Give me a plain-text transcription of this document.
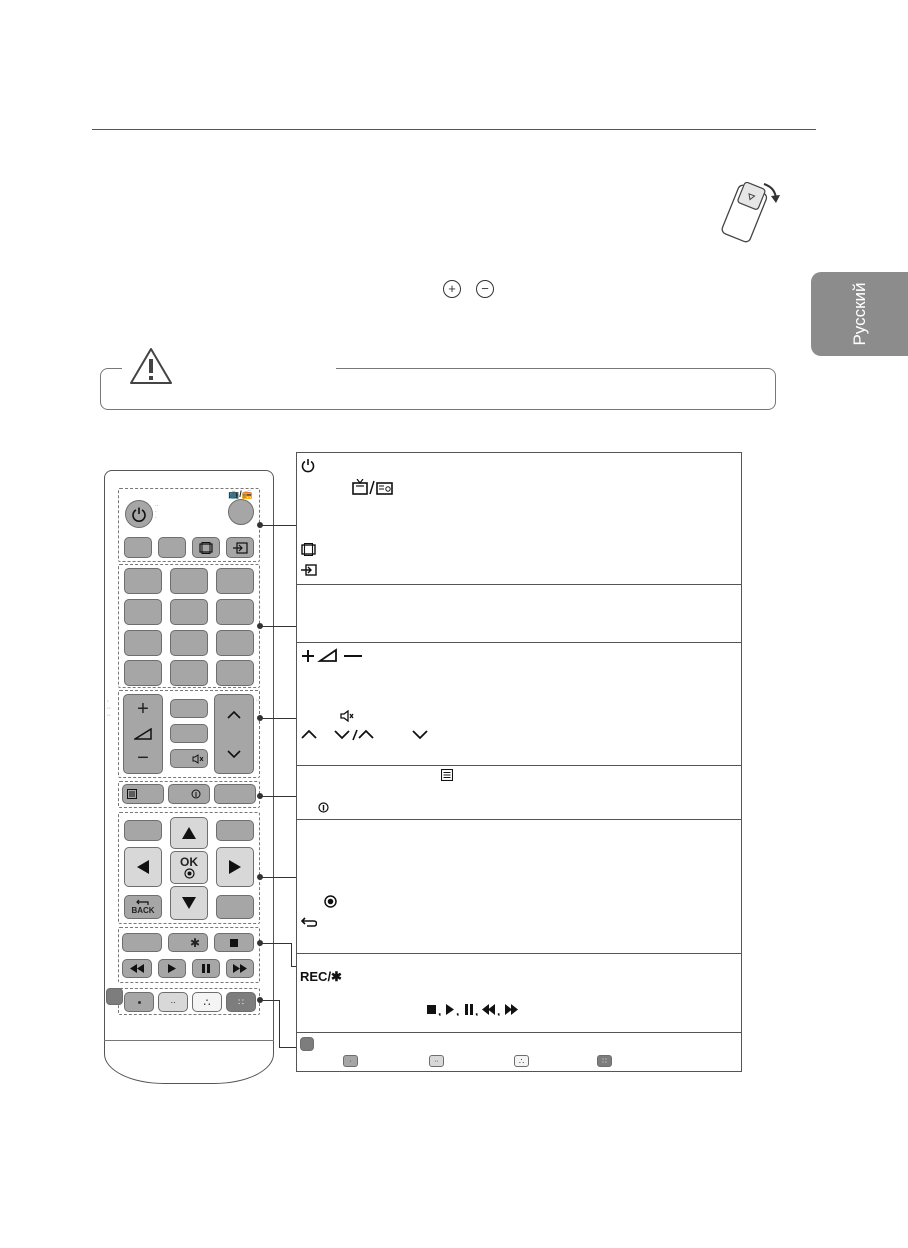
Русский
+	−
∙∙
∙
∙
📺/📻
∙
∙∙
∙∙ +
−
∙∙
BACK
OK
✱
∙∙	∴	∷
REC/✱
, , , ,
·	··	∴	∷
